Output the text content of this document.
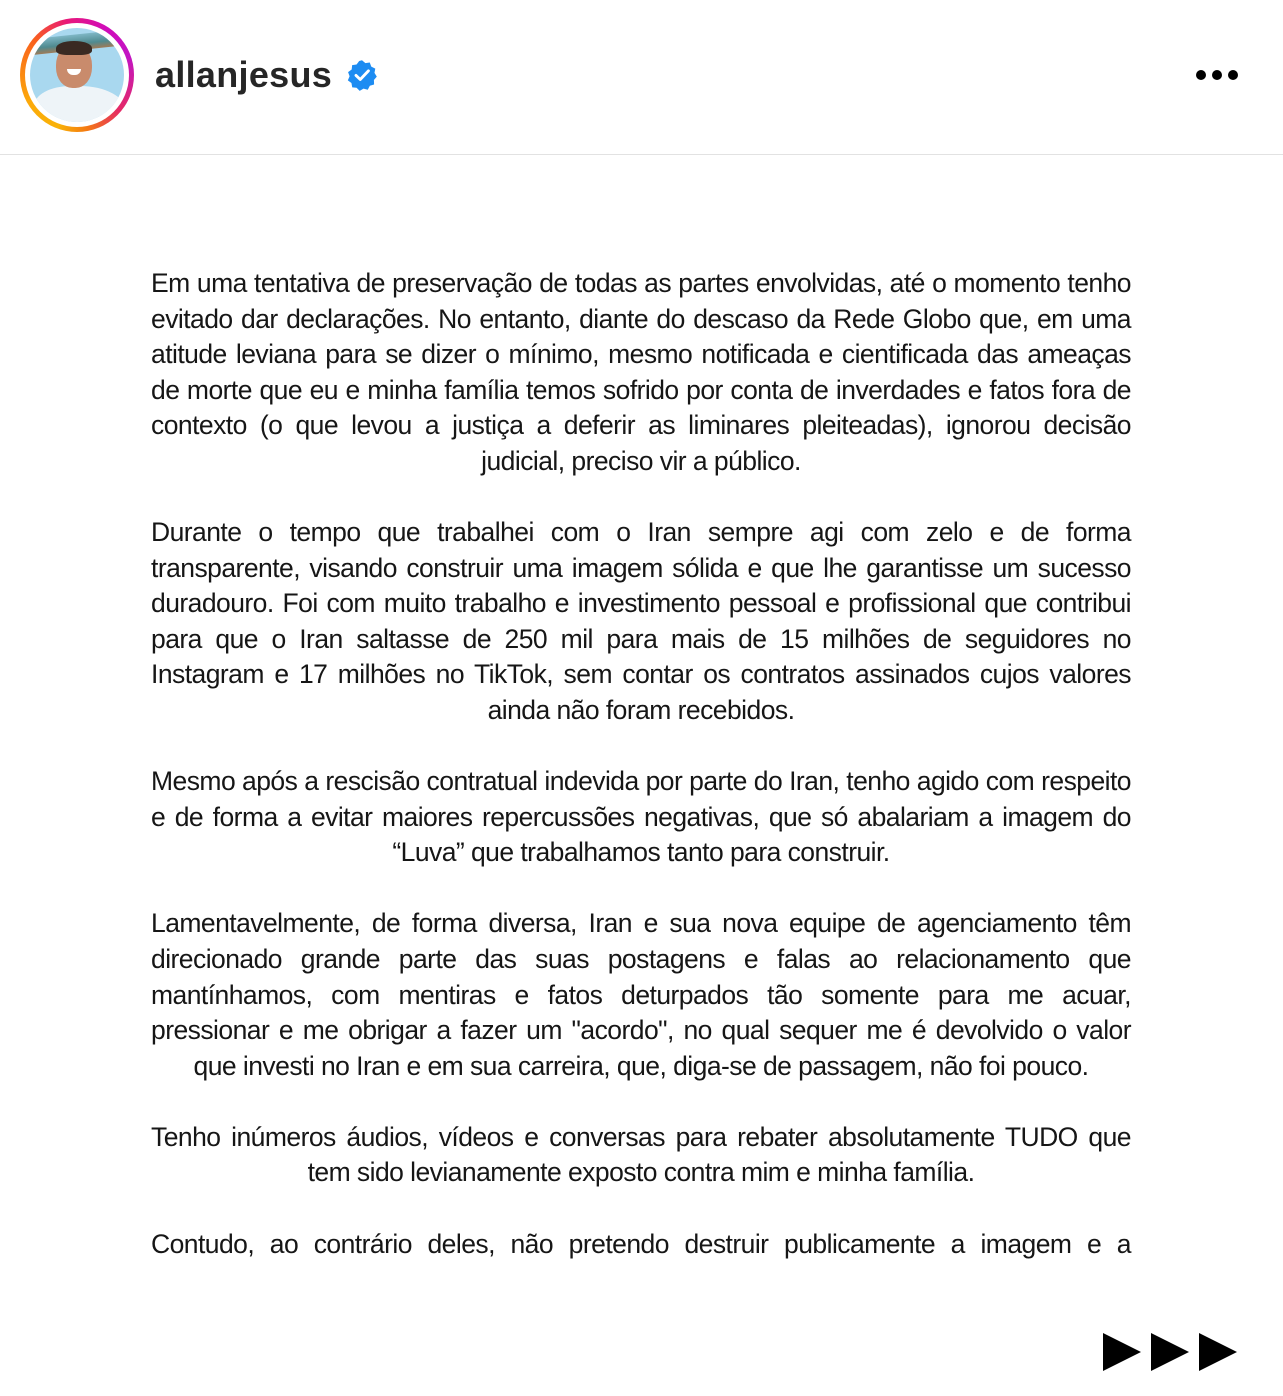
allanjesus

Em uma tentativa de preservação de todas as partes envolvidas, até o momento tenho evitado dar declarações. No entanto, diante do descaso da Rede Globo que, em uma atitude leviana para se dizer o mínimo, mesmo notificada e cientificada das ameaças de morte que eu e minha família temos sofrido por conta de inverdades e fatos fora de contexto (o que levou a justiça a deferir as liminares pleiteadas), ignorou decisão judicial, preciso vir a público.

Durante o tempo que trabalhei com o Iran sempre agi com zelo e de forma transparente, visando construir uma imagem sólida e que lhe garantisse um sucesso duradouro. Foi com muito trabalho e investimento pessoal e profissional que contribui para que o Iran saltasse de 250 mil para mais de 15 milhões de seguidores no Instagram e 17 milhões no TikTok, sem contar os contratos assinados cujos valores ainda não foram recebidos.

Mesmo após a rescisão contratual indevida por parte do Iran, tenho agido com respeito e de forma a evitar maiores repercussões negativas, que só abalariam a imagem do “Luva” que trabalhamos tanto para construir.

Lamentavelmente, de forma diversa, Iran e sua nova equipe de agenciamento têm direcionado grande parte das suas postagens e falas ao relacionamento que mantínhamos, com mentiras e fatos deturpados tão somente para me acuar, pressionar e me obrigar a fazer um "acordo", no qual sequer me é devolvido o valor que investi no Iran e em sua carreira, que, diga-se de passagem, não foi pouco.

Tenho inúmeros áudios, vídeos e conversas para rebater absolutamente TUDO que tem sido levianamente exposto contra mim e minha família.

Contudo, ao contrário deles, não pretendo destruir publicamente a imagem e a
